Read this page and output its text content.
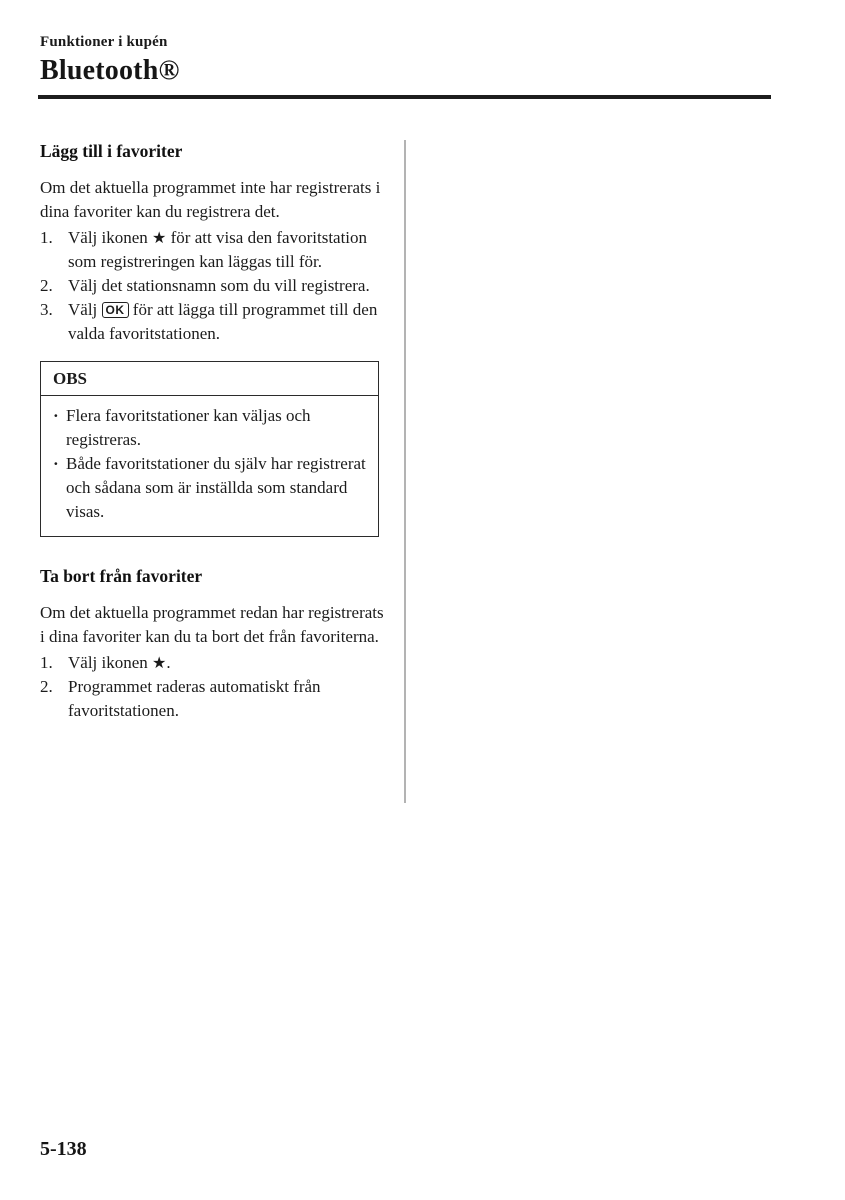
Funktioner i kupén
Bluetooth®
Lägg till i favoriter

Om det aktuella programmet inte har registrerats i dina favoriter kan du registrera det.

1. Välj ikonen ★ för att visa den favoritstation som registreringen kan läggas till för.
2. Välj det stationsnamn som du vill registrera.
3. Välj OK för att lägga till programmet till den valda favoritstationen.
OBS
· Flera favoritstationer kan väljas och registreras.
· Både favoritstationer du själv har registrerat och sådana som är inställda som standard visas.
Ta bort från favoriter

Om det aktuella programmet redan har registrerats i dina favoriter kan du ta bort det från favoriterna.

1. Välj ikonen ★.
2. Programmet raderas automatiskt från favoritstationen.
5-138
